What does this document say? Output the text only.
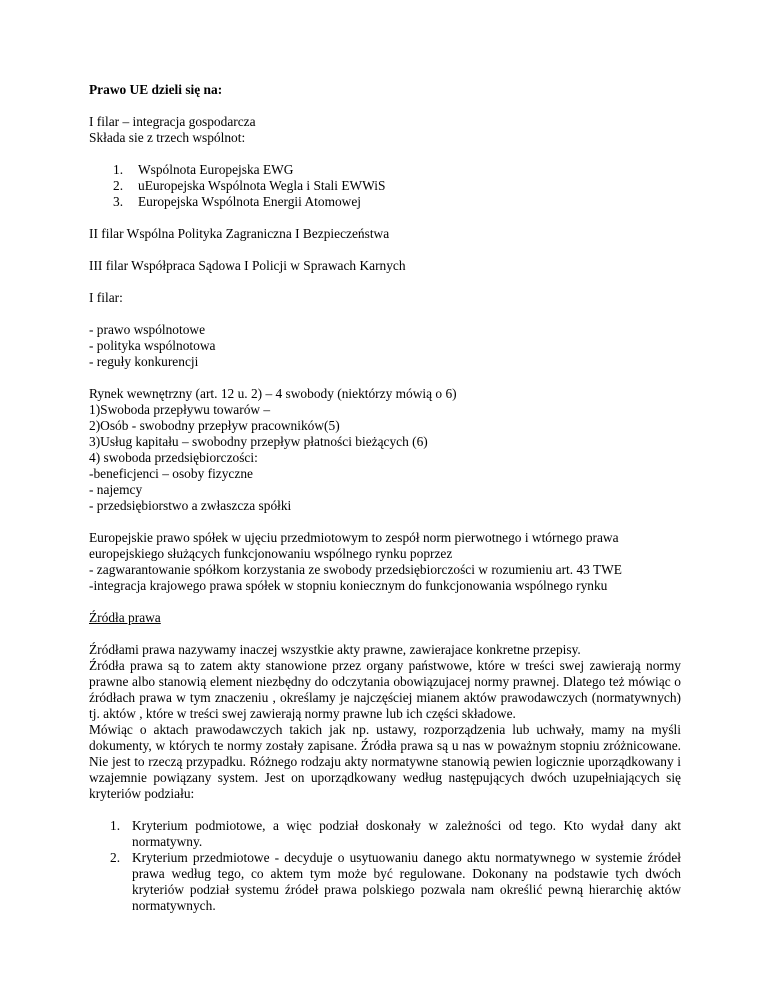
Prawo UE dzieli się na:

I filar – integracja gospodarcza

Składa sie z trzech wspólnot:

1.	Wspólnota Europejska EWG
2.	uEuropejska Wspólnota Wegla i Stali EWWiS
3.	Europejska Wspólnota Energii Atomowej

II filar Wspólna Polityka Zagraniczna I Bezpieczeństwa

III filar Współpraca Sądowa I Policji w Sprawach Karnych

I filar:

- prawo wspólnotowe

- polityka wspólnotowa

- reguły konkurencji

Rynek wewnętrzny (art. 12 u. 2) – 4 swobody (niektórzy mówią o 6)

1)Swoboda przepływu towarów –

2)Osób - swobodny przepływ pracowników(5)

3)Usług kapitału – swobodny przepływ płatności bieżących (6)

4) swoboda przedsiębiorczości:

-beneficjenci – osoby fizyczne

- najemcy

- przedsiębiorstwo a zwłaszcza spółki

Europejskie prawo spółek w ujęciu przedmiotowym to zespół norm pierwotnego i wtórnego prawa

europejskiego służących funkcjonowaniu wspólnego rynku poprzez

- zagwarantowanie spółkom korzystania ze swobody przedsiębiorczości w rozumieniu art. 43 TWE

-integracja krajowego prawa spółek w stopniu koniecznym do funkcjonowania wspólnego rynku

Źródła prawa

Źródłami prawa nazywamy inaczej wszystkie akty prawne, zawierajace konkretne przepisy.

Źródła prawa są to zatem akty stanowione przez organy państwowe, które w treści swej zawierają normy prawne albo stanowią element niezbędny do odczytania obowiązujacej normy prawnej. Dlatego też mówiąc o źródłach prawa w tym znaczeniu , określamy je najczęściej mianem aktów prawodawczych (normatywnych) tj. aktów , które w treści swej zawierają normy prawne lub ich części składowe.

Mówiąc o aktach prawodawczych takich jak np. ustawy, rozporządzenia lub uchwały, mamy na myśli dokumenty, w których te normy zostały zapisane. Źródła prawa są u nas w poważnym stopniu zróżnicowane. Nie jest to rzeczą przypadku. Różnego rodzaju akty normatywne stanowią pewien logicznie uporządkowany i wzajemnie powiązany system. Jest on uporządkowany według następujących dwóch uzupełniających się kryteriów podziału:

1. Kryterium podmiotowe, a więc podział doskonały w zależności od tego. Kto wydał dany akt normatywny.
2. Kryterium przedmiotowe - decyduje o usytuowaniu danego aktu normatywnego w systemie źródeł prawa według tego, co aktem tym może być regulowane. Dokonany na podstawie tych dwóch kryteriów podział systemu źródeł prawa polskiego pozwala nam określić pewną hierarchię aktów normatywnych.
